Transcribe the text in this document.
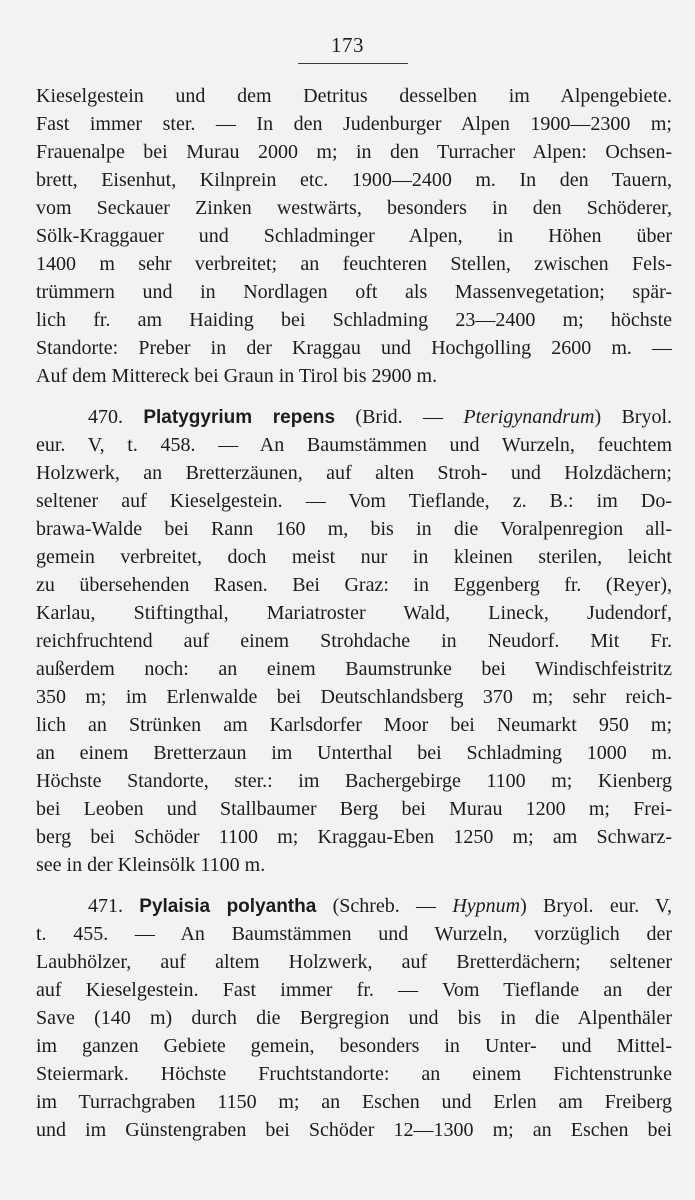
173
Kieselgestein und dem Detritus desselben im Alpengebiete.
Fast immer ster. — In den Judenburger Alpen 1900—2300 m;
Frauenalpe bei Murau 2000 m; in den Turracher Alpen: Ochsen-
brett, Eisenhut, Kilnprein etc. 1900—2400 m. In den Tauern,
vom Seckauer Zinken westwärts, besonders in den Schöderer,
Sölk-Kraggauer und Schladminger Alpen, in Höhen über
1400 m sehr verbreitet; an feuchteren Stellen, zwischen Fels-
trümmern und in Nordlagen oft als Massenvegetation; spär-
lich fr. am Haiding bei Schladming 23—2400 m; höchste
Standorte: Preber in der Kraggau und Hochgolling 2600 m. —
Auf dem Mittereck bei Graun in Tirol bis 2900 m.
470. Platygyrium repens (Brid. — Pterigynandrum) Bryol.
eur. V, t. 458. — An Baumstämmen und Wurzeln, feuchtem
Holzwerk, an Bretterzäunen, auf alten Stroh- und Holzdächern;
seltener auf Kieselgestein. — Vom Tieflande, z. B.: im Do-
brawa-Walde bei Rann 160 m, bis in die Voralpenregion all-
gemein verbreitet, doch meist nur in kleinen sterilen, leicht
zu übersehenden Rasen. Bei Graz: in Eggenberg fr. (Reyer),
Karlau, Stiftingthal, Mariatroster Wald, Lineck, Judendorf,
reichfruchtend auf einem Strohdache in Neudorf. Mit Fr.
außerdem noch: an einem Baumstrunke bei Windischfeistritz
350 m; im Erlenwalde bei Deutschlandsberg 370 m; sehr reich-
lich an Strünken am Karlsdorfer Moor bei Neumarkt 950 m;
an einem Bretterzaun im Unterthal bei Schladming 1000 m.
Höchste Standorte, ster.: im Bachergebirge 1100 m; Kienberg
bei Leoben und Stallbaumer Berg bei Murau 1200 m; Frei-
berg bei Schöder 1100 m; Kraggau-Eben 1250 m; am Schwarz-
see in der Kleinsölk 1100 m.
471. Pylaisia polyantha (Schreb. — Hypnum) Bryol. eur. V,
t. 455. — An Baumstämmen und Wurzeln, vorzüglich der
Laubhölzer, auf altem Holzwerk, auf Bretterdächern; seltener
auf Kieselgestein. Fast immer fr. — Vom Tieflande an der
Save (140 m) durch die Bergregion und bis in die Alpenthäler
im ganzen Gebiete gemein, besonders in Unter- und Mittel-
Steiermark. Höchste Fruchtstandorte: an einem Fichtenstrunke
im Turrachgraben 1150 m; an Eschen und Erlen am Freiberg
und im Günstengraben bei Schöder 12—1300 m; an Eschen bei
